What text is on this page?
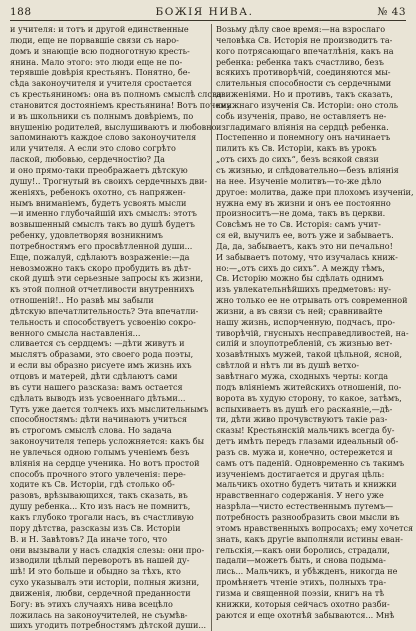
188	БОЖІЯ НИВА.	№ 43
и учителя: и тотъ и другой единственные
люди, еще не порвавшіе связи съ наро-
домъ и знающіе всю подноготную кресть-
янина. Мало этого: это люди еще не по-
терявшіе довѣрія крестьянъ. Понятно, бе-
сѣда законоучителя и учителя сростается
съ крестьяниномъ: она въ полномъ смыслѣ слова
становится достояніемъ крестьянина! Вотъ почему
и въ школьники съ полнымъ довѣріемъ, по
внушенію родителей, выслушиваютъ и любовно
запоминаютъ каждое слово законоучителя
или учителя. А если это слово согрѣто
лаской, любовью, сердечностію? Да
и оно прямо-таки преображаетъ дѣтскую
душу!.. Трогнутый въ своихъ сердечныхъ дви-
женіяхъ, ребенокъ охотно, съ напряжен-
нымъ вниманіемъ, будетъ усвоять мысли
—и именно глубочайшій ихъ смыслъ: этотъ
возвышенный смыслъ такъ во душѣ будетъ
ребенку, удовлетворяя возникнимъ
потребностямъ его просвѣтленной души...
Еще, пожалуй, сдѣлаютъ возраженіе:—да
невозможно такъ скоро пробудить въ дѣт-
ской душѣ эти серьезные запросы къ жизни,
къ этой полной отчетливости внутреннихъ
отношеній!.. Но развѣ мы забыли
дѣтскую впечатлительность? Эта впечатли-
тельность и способствуетъ усвоенію сокро-
венного смысла наставленія...
сливается съ сердцемъ: —дѣти живутъ и
мыслятъ образами, это своего рода поэты,
и если вы образно рисуете имъ жизнь ихъ
отцовъ и матерей, дѣти сдѣлаютъ сами
въ сути нашего разсказа: вамъ остается
сдѣлать выводъ изъ усвоеннаго дѣтьми...
Тутъ уже дается толчекъ ихъ мыслительнымъ
способностямъ: дѣти начинаютъ учиться
въ строгомъ смыслѣ слова. Но задача
законоучителя теперь усложняется: какъ бы
не увлечься одною голымъ ученіемъ безъ
вліянія на сердце ученика. Но вотъ простой
способъ прочного этого увлеченія: пере-
ходите къ Св. Исторіи, гдѣ столько об-
разовъ, врѣзывающихся, такъ сказать, въ
душу ребенка... Кто изъ насъ не помнитъ,
какъ глубоко трогали насъ, въ счастливую
пору дѣтства, разсказы изъ Св. Исторіи
В. и Н. Завѣтовъ? Да иначе того, что
они вызывали у насъ сладкія слезы: они про-
изводили цѣлый переворотъ въ нашей ду-
шѣ! И это больше и обыдно за тѣхъ, кто
сухо указывалъ эти исторіи, полныя жизни,
движенія, любви, сердечной преданности
Богу: въ этихъ случаяхъ нива всецѣло
ложилась на законоучителей, не съумѣв-
шихъ угодить потребностямъ дѣтской души...
Возьму дѣлу свое время:—на взрослаго
человѣка Св. Исторія не производитъ та-
кого потрясающаго впечатлѣнія, какъ на
ребенка: ребенка такъ счастливо, безъ
всякихъ противорѣчій, соединяются мы-
слительныя способности съ сердечными
движеніями. Но и противъ, такъ сказать,
книжнаго изученія Св. Исторіи: оно столь
собь изученія, право, не оставляетъ не-
изгладимаго вліянія на сердцѣ ребенка.
Постепенно и понемногу онъ начинаетъ
пилить къ Св. Исторіи, какъ въ урокъ
„отъ сихъ до сихъ“, безъ всякой связи
съ жизнью, и слѣдовательно—безъ вліянія
на нее. Изученіе молитвъ—то-же дѣло
другое: молитва, даже при плохомъ изученіи,
нужна ему въ жизни и онъ ее постоянно
произноситъ—не дома, такъ въ церкви.
Совсѣмъ не то Св. Исторія: самъ учит-
ся ей, выучилъ ее, вотъ уже и забываетъ.
Да, да, забываетъ, какъ это ни печально!
И забываетъ потому, что изучалась книж-
но:—„отъ сихъ до сихъ“. А между тѣмъ,
Св. Исторію можно бы сдѣлать однимъ
изъ увлекательнѣйшихъ предметовъ: ну-
жно только ее не отрывать отъ современной
жизни, а въ связи съ ней; сравнивайте
нашу жизнь, испорченную, подчасъ, про-
тиворѣчій, гнусныхъ несправедливостей, на-
силій и злоупотребленій, съ жизнью вет-
хозавѣтныхъ мужей, такой цѣльной, ясной,
свѣтлой и нѣтъ ли въ душѣ ветхо-
завѣтнаго мужа, сходныхъ черты: когда
подъ вліяніемъ житейскихъ отношеній, по-
ворота въ худую сторону, то какое, затѣмъ,
вспыхиваетъ въ душѣ его раскаяніе,—дѣ-
ти, дѣти живо прочувствуютъ такіе раз-
сказы! Крестьянскій мальчикъ всегда бу-
детъ имѣть передъ глазами идеальный об-
разъ св. мужа и, конечно, остережется и
самъ отъ паденій. Одновременно съ такимъ
изученіемъ достигается и другая цѣль:
мальчикъ охотно будетъ читать и книжки
нравственнаго содержанія. У него уже
назрѣла—чисто естественнымъ путемъ—
потребность разнообразить свои мысли въ
этомъ нравственныхъ вопросахъ; ему хочется
знать, какъ другіе выполняли истины еван-
гельскія,—какъ они боролись, страдали,
падали—можетъ быть, и снова подыма-
лись... Мальчикъ, и убѣжденъ, никогда не
промѣняетъ чтеніе этихъ, полныхъ тра-
гизма и священной поэзіи, книгъ на тѣ
книжки, которыя сейчасъ охотно разби-
раются и еще охотнѣй забываются... Мнѣ
